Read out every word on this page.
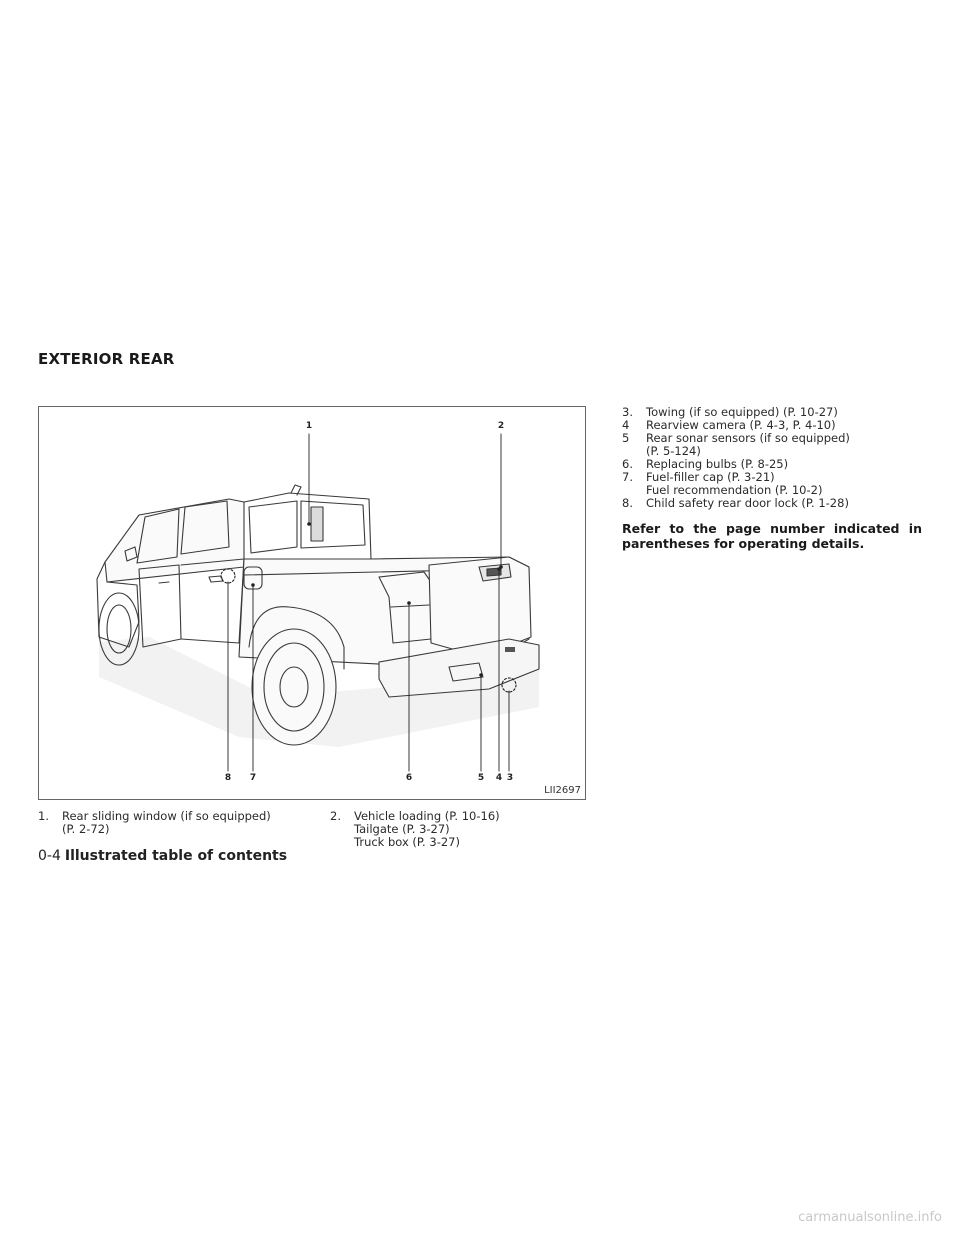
EXTERIOR REAR
1	2
8 7	6	5 4 3
LII2697
1.	Rear sliding window (if so equipped)
(P. 2-72)
2.	Vehicle loading (P. 10-16)
Tailgate (P. 3-27)
Truck box (P. 3-27)
3.	Towing (if so equipped) (P. 10-27)
4	Rearview camera (P. 4-3, P. 4-10)
5	Rear sonar sensors (if so equipped)
(P. 5-124)
6.	Replacing bulbs (P. 8-25)
7.	Fuel-filler cap (P. 3-21)
Fuel recommendation (P. 10-2)
8.	Child safety rear door lock (P. 1-28)
Refer to the page number indicated in parentheses for operating details.
0-4 Illustrated table of contents
carmanualsonline.info
